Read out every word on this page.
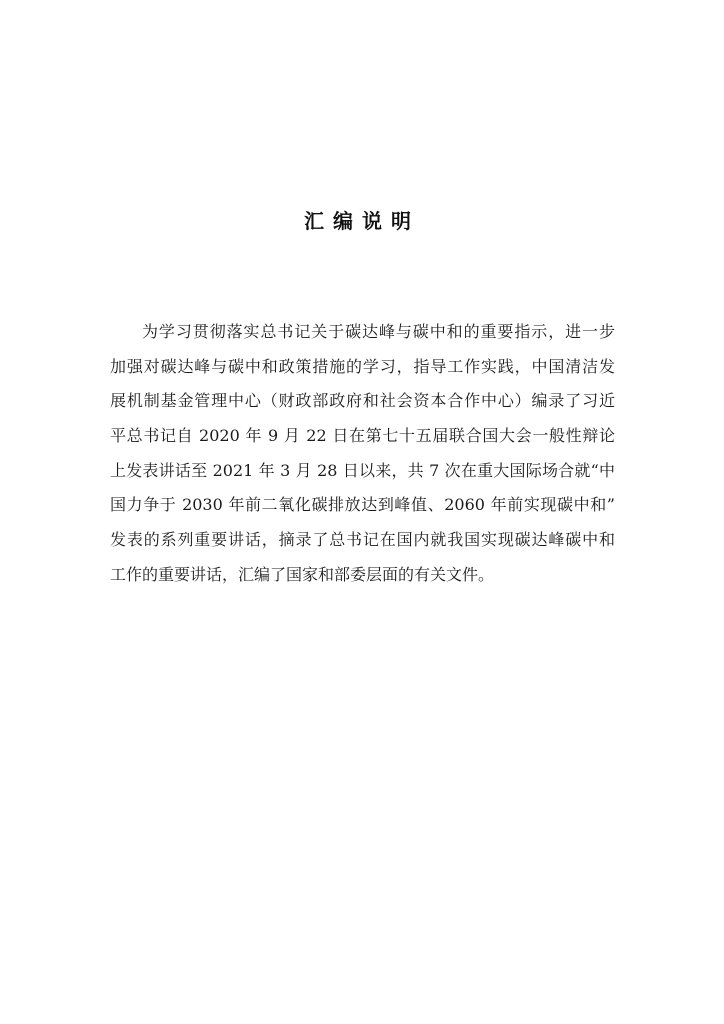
汇编说明
为学习贯彻落实总书记关于碳达峰与碳中和的重要指示，进一步
加强对碳达峰与碳中和政策措施的学习，指导工作实践，中国清洁发
展机制基金管理中心（财政部政府和社会资本合作中心）编录了习近
平总书记自 2020 年 9 月 22 日在第七十五届联合国大会一般性辩论
上发表讲话至 2021 年 3 月 28 日以来，共 7 次在重大国际场合就“中
国力争于 2030 年前二氧化碳排放达到峰值、2060 年前实现碳中和”
发表的系列重要讲话，摘录了总书记在国内就我国实现碳达峰碳中和
工作的重要讲话，汇编了国家和部委层面的有关文件。
